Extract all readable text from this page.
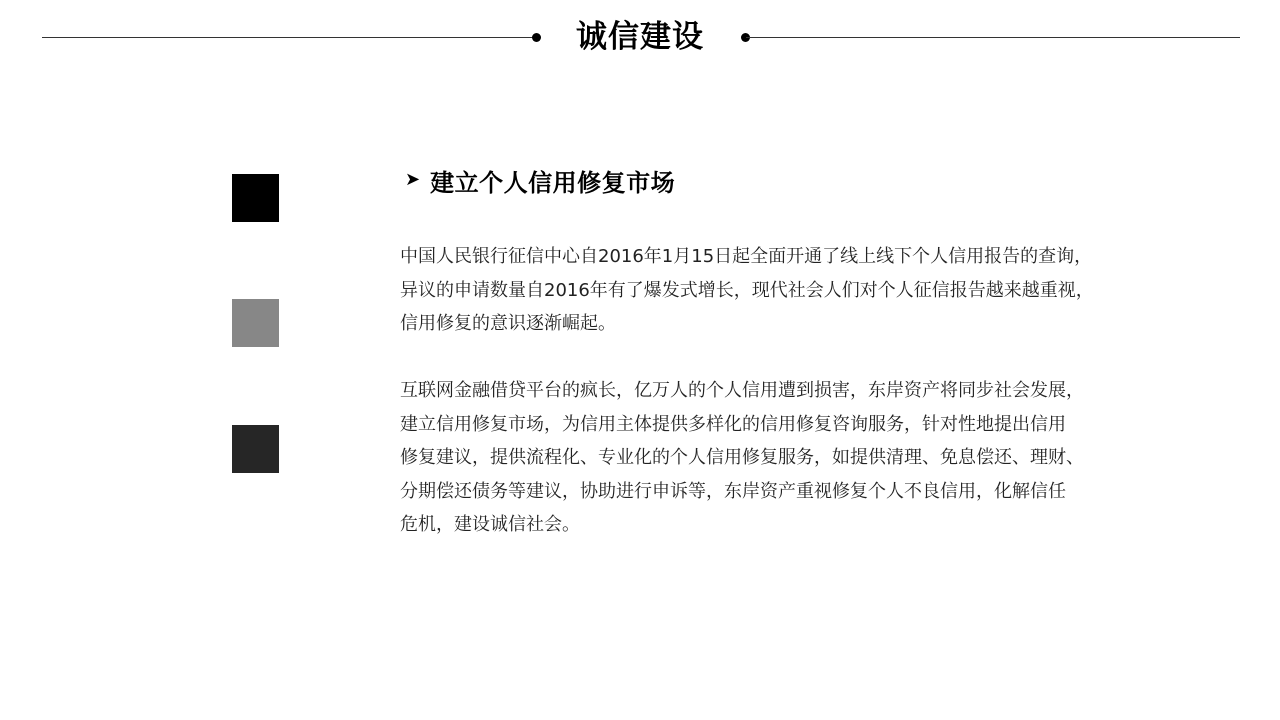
诚信建设
➤ 建立个人信用修复市场

中国人民银行征信中心自2016年1月15日起全面开通了线上线下个人信用报告的查询，
异议的申请数量自2016年有了爆发式增长，现代社会人们对个人征信报告越来越重视，
信用修复的意识逐渐崛起。

互联网金融借贷平台的疯长，亿万人的个人信用遭到损害，东岸资产将同步社会发展，
建立信用修复市场，为信用主体提供多样化的信用修复咨询服务，针对性地提出信用
修复建议，提供流程化、专业化的个人信用修复服务，如提供清理、免息偿还、理财、
分期偿还债务等建议，协助进行申诉等，东岸资产重视修复个人不良信用，化解信任
危机，建设诚信社会。
